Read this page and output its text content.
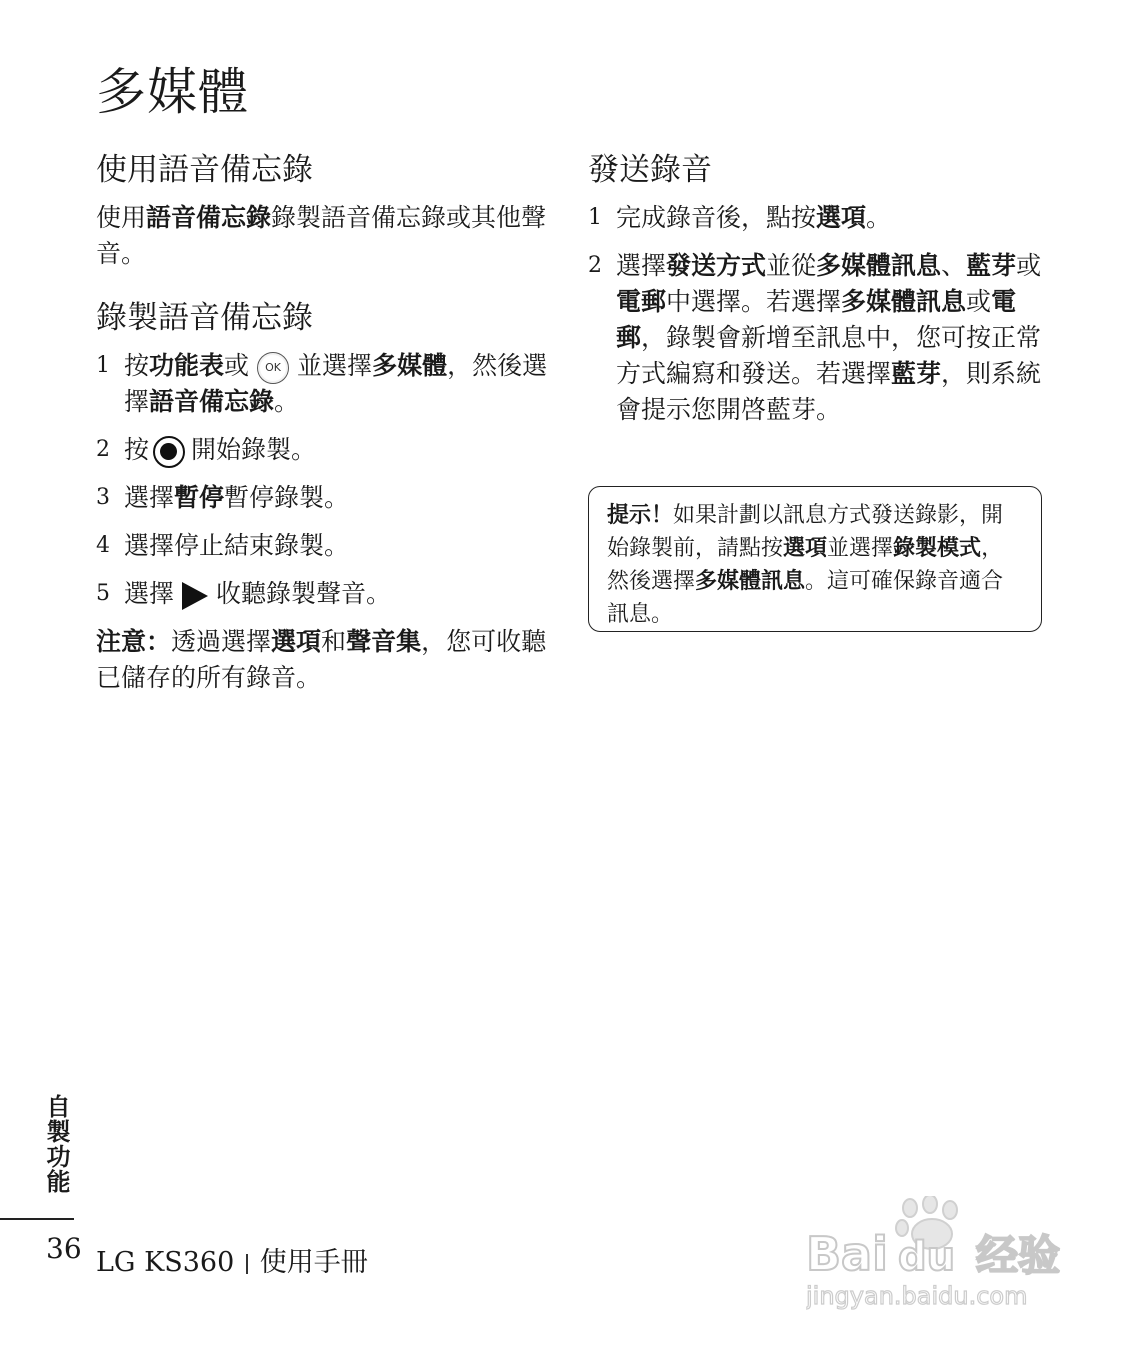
多媒體
使用語音備忘錄

使用語音備忘錄錄製語音備忘錄或其他聲音。

錄製語音備忘錄
1 按功能表或 OK 並選擇多媒體，然後選擇語音備忘錄。
2 按 開始錄製。
3 選擇暫停暫停錄製。
4 選擇停止結束錄製。
5 選擇 收聽錄製聲音。

注意：透過選擇選項和聲音集，您可收聽已儲存的所有錄音。

發送錄音
1 完成錄音後，點按選項。
2 選擇發送方式並從多媒體訊息、藍芽或電郵中選擇。若選擇多媒體訊息或電郵，錄製會新增至訊息中，您可按正常方式編寫和發送。若選擇藍芽，則系統會提示您開啓藍芽。
提示！如果計劃以訊息方式發送錄影，開始錄製前，請點按選項並選擇錄製模式，然後選擇多媒體訊息。這可確保錄音適合訊息。
自製功能
36 LG KS360 使用手冊	Bai du 经验
jingyan.baidu.com
